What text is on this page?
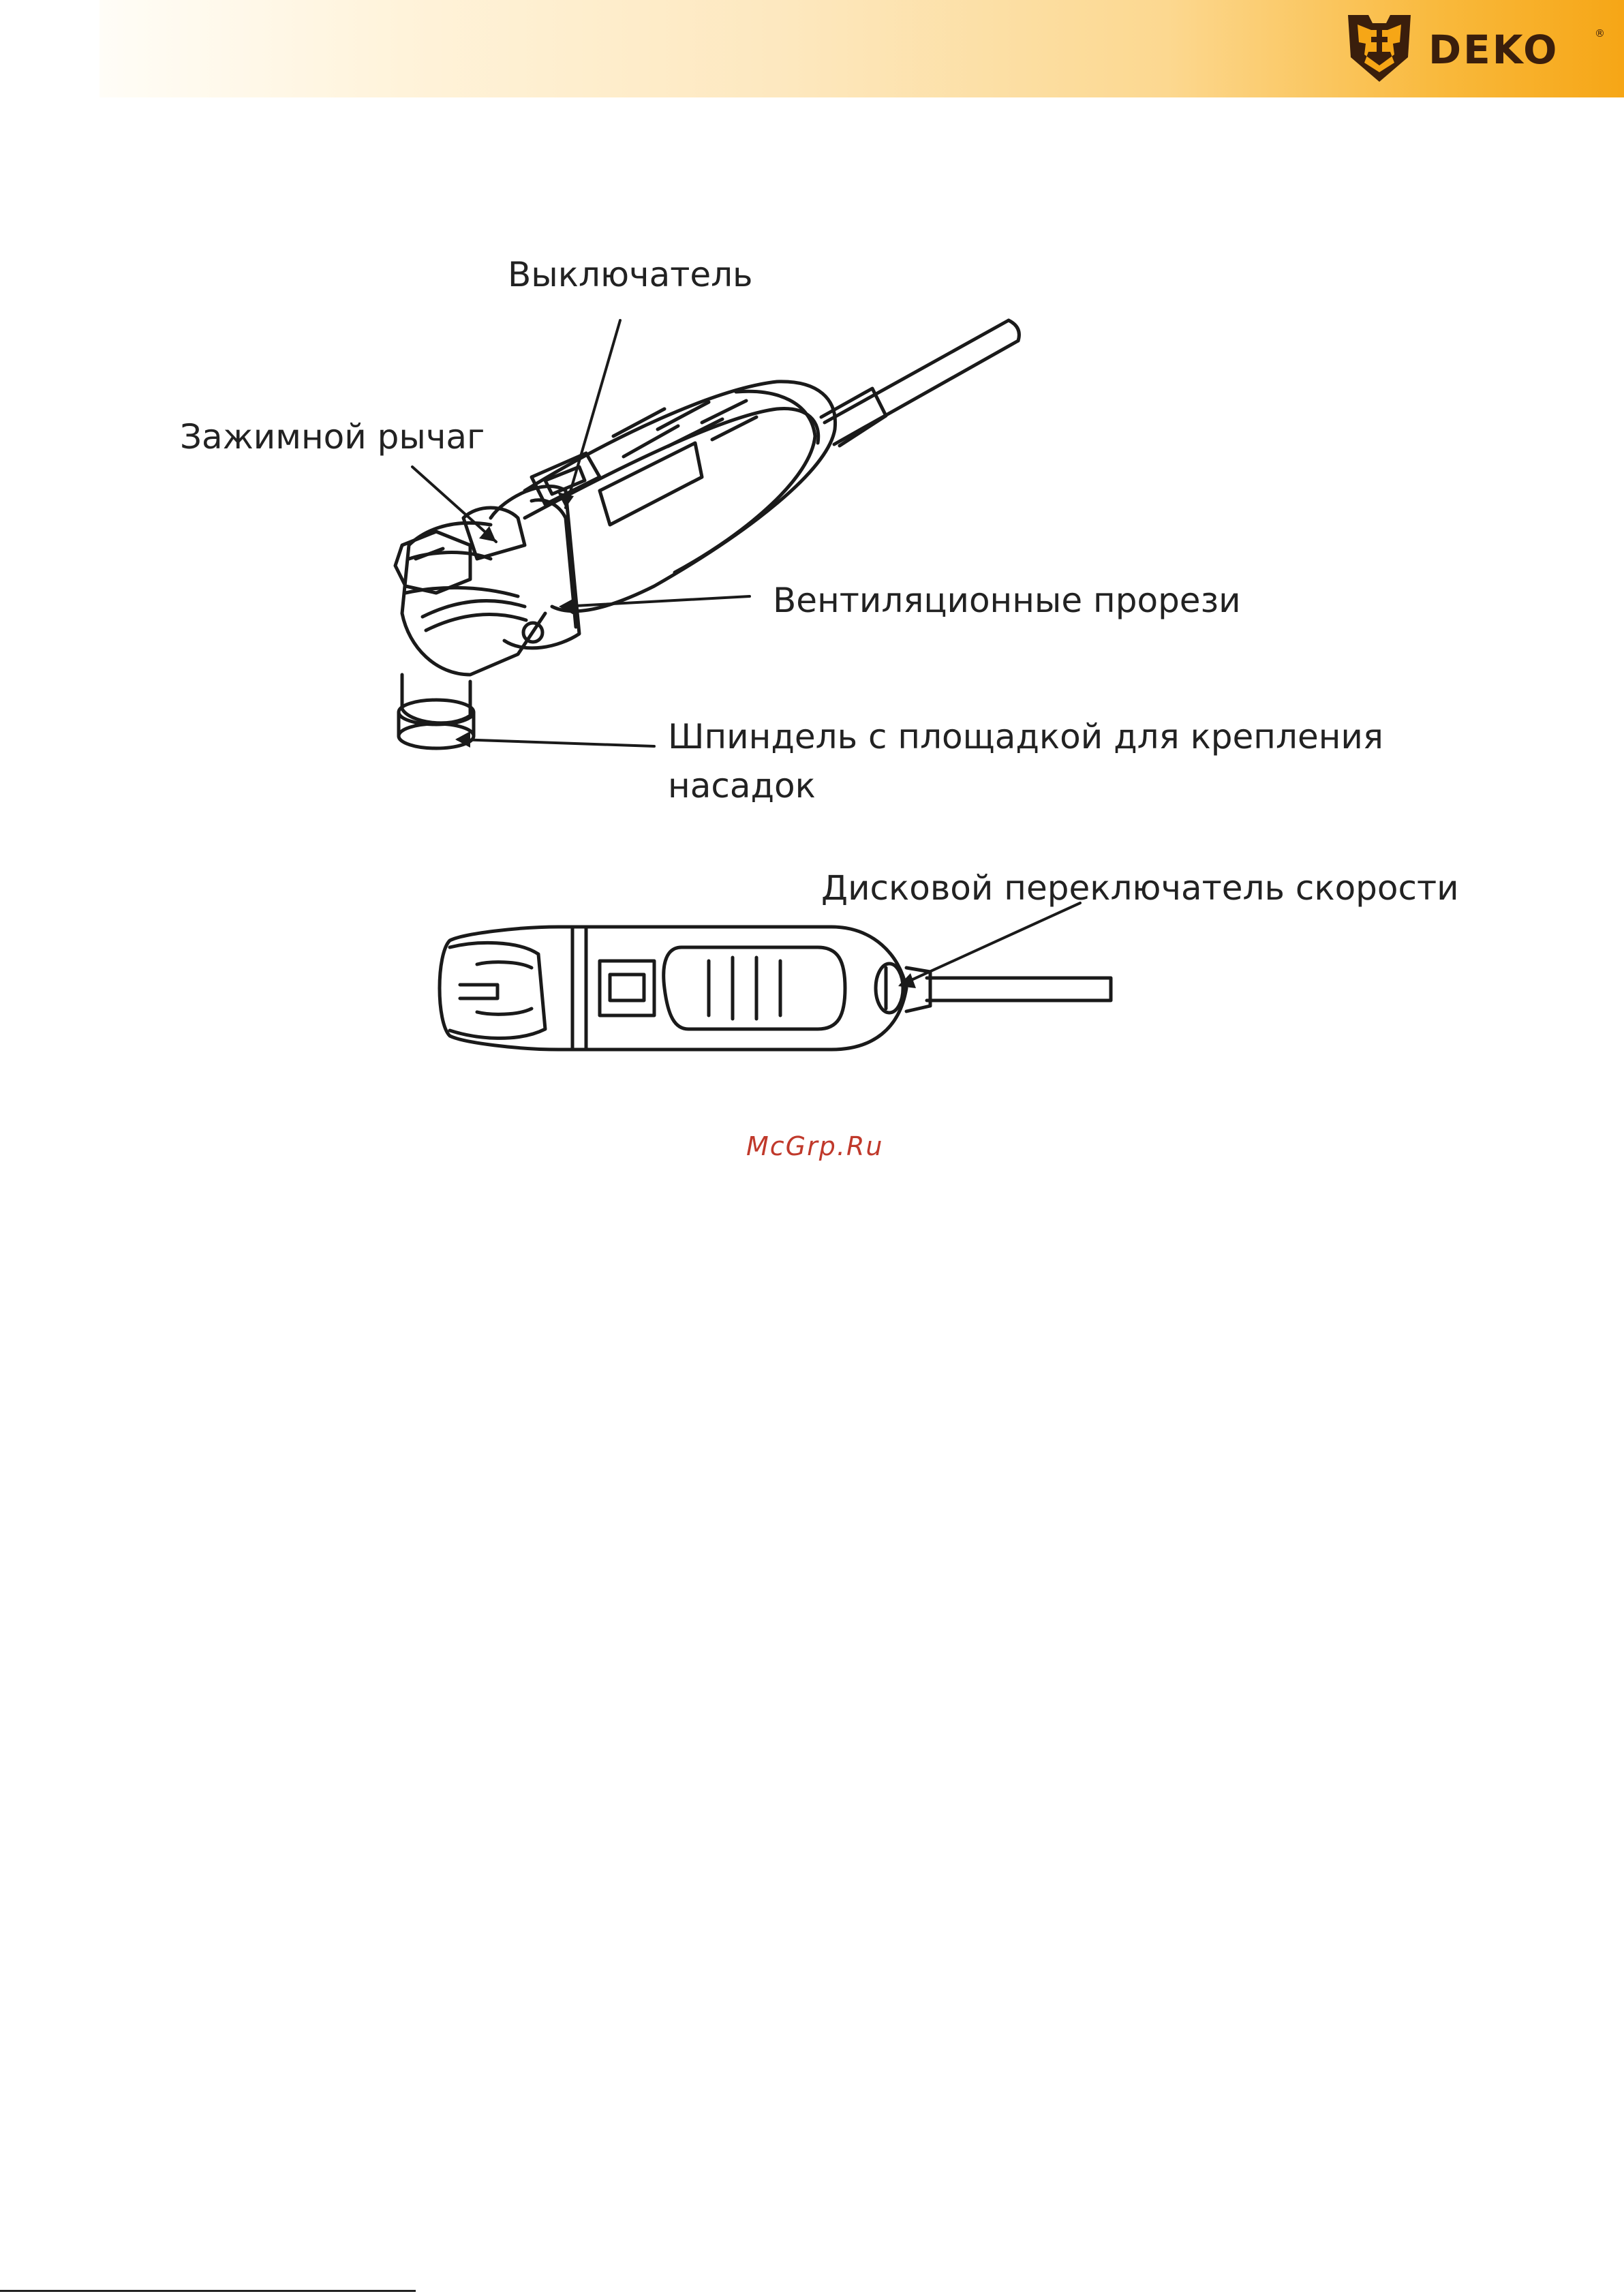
DEKO	®
Выключатель
Зажимной рычаг
Вентиляционные прорези
Шпиндель с площадкой для крепления
насадок
Дисковой переключатель скорости
McGrp.Ru
